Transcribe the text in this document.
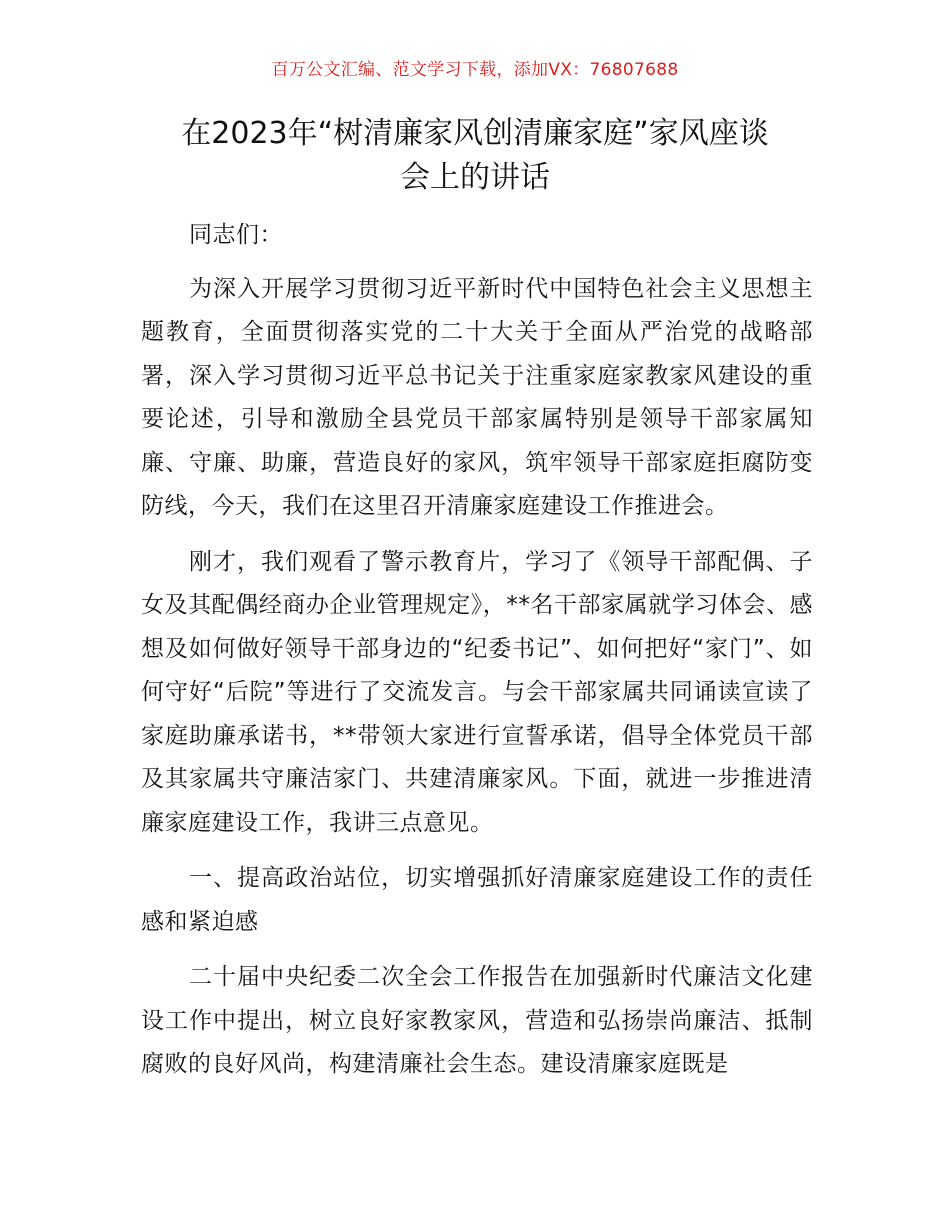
百万公文汇编、范文学习下载，添加VX：76807688
在2023年“树清廉家风创清廉家庭”家风座谈
会上的讲话

同志们：

为深入开展学习贯彻习近平新时代中国特色社会主义思想主题教育，全面贯彻落实党的二十大关于全面从严治党的战略部署，深入学习贯彻习近平总书记关于注重家庭家教家风建设的重要论述，引导和激励全县党员干部家属特别是领导干部家属知廉、守廉、助廉，营造良好的家风，筑牢领导干部家庭拒腐防变防线，今天，我们在这里召开清廉家庭建设工作推进会。

刚才，我们观看了警示教育片，学习了《领导干部配偶、子女及其配偶经商办企业管理规定》，**名干部家属就学习体会、感想及如何做好领导干部身边的“纪委书记”、如何把好“家门”、如何守好“后院”等进行了交流发言。与会干部家属共同诵读宣读了家庭助廉承诺书，**带领大家进行宣誓承诺，倡导全体党员干部及其家属共守廉洁家门、共建清廉家风。下面，就进一步推进清廉家庭建设工作，我讲三点意见。

一、提高政治站位，切实增强抓好清廉家庭建设工作的责任感和紧迫感

二十届中央纪委二次全会工作报告在加强新时代廉洁文化建设工作中提出，树立良好家教家风，营造和弘扬崇尚廉洁、抵制腐败的良好风尚，构建清廉社会生态。建设清廉家庭既是
